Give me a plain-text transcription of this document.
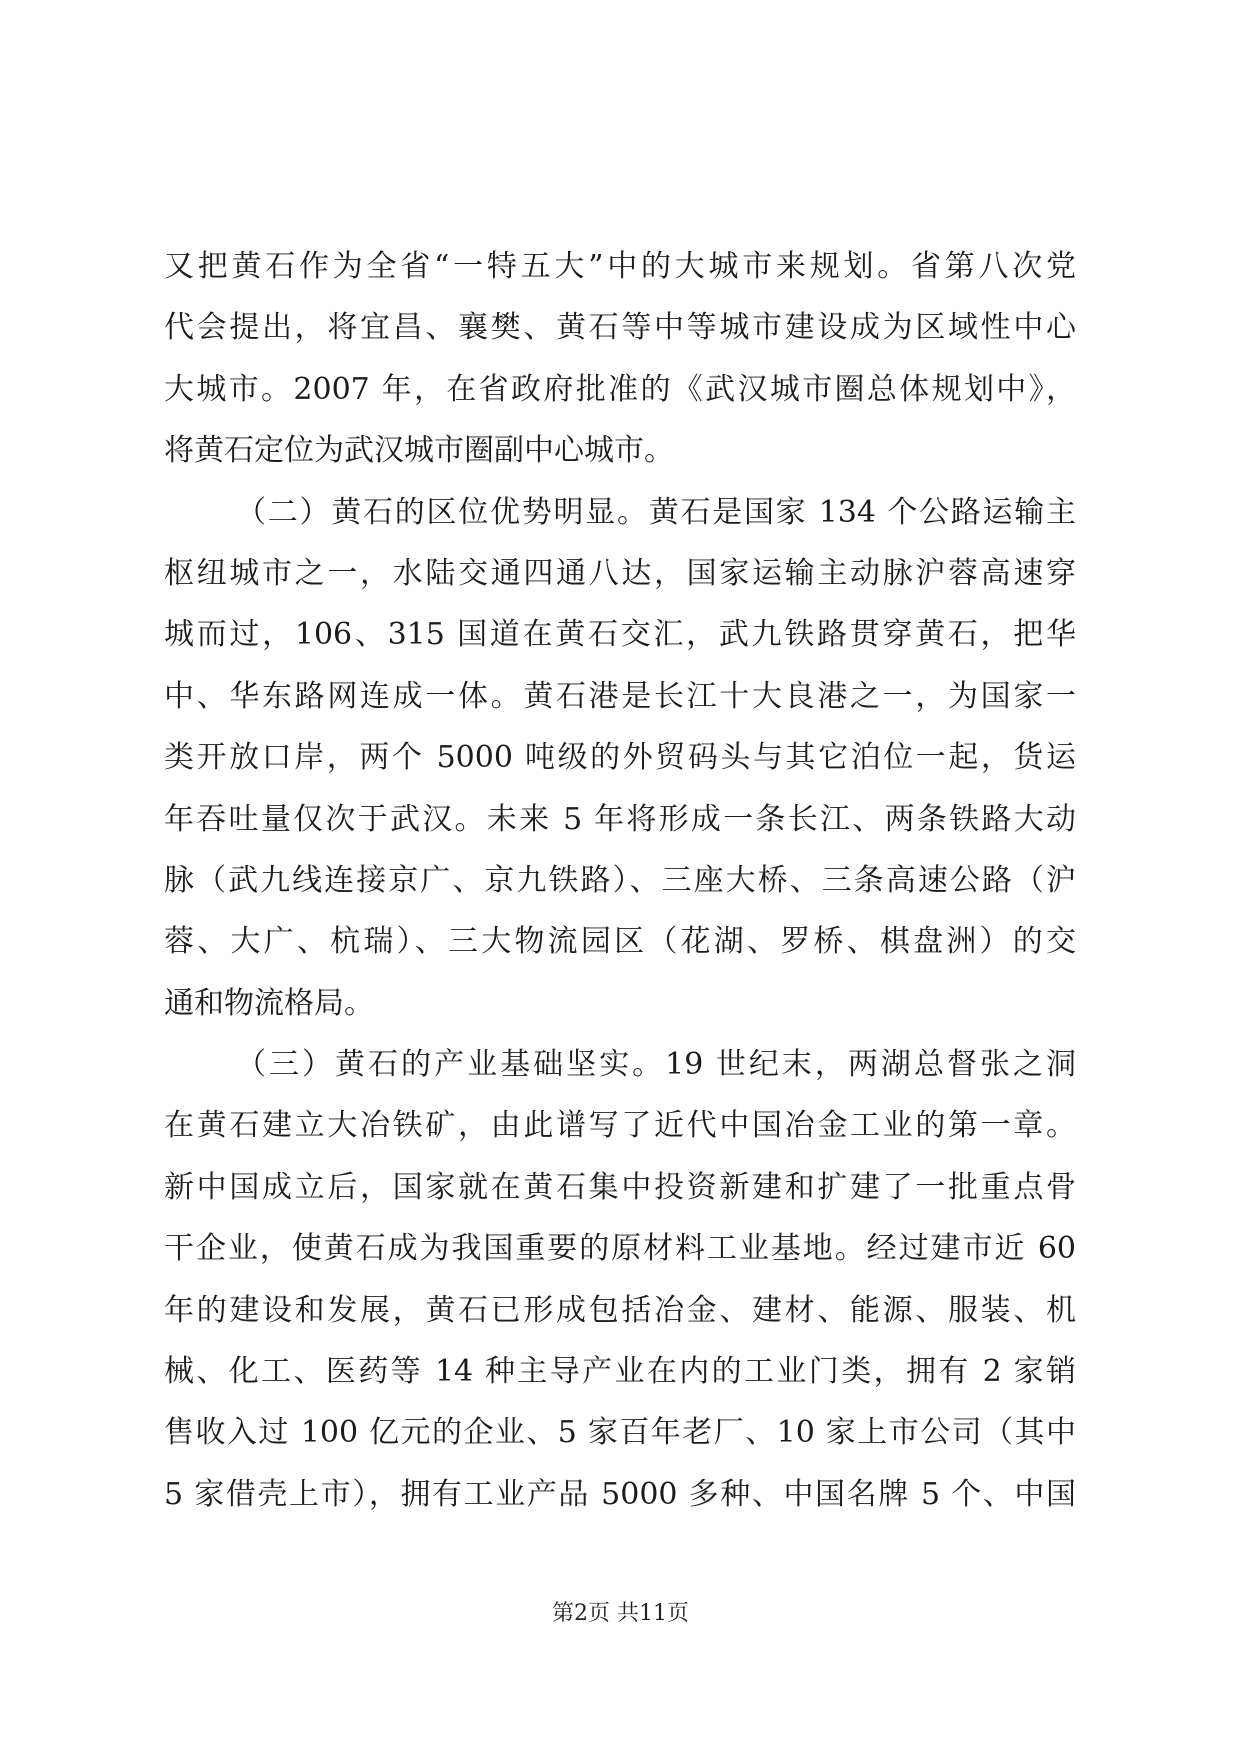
又把黄石作为全省“一特五大”中的大城市来规划。省第八次党
代会提出，将宜昌、襄樊、黄石等中等城市建设成为区域性中心
大城市。2007 年，在省政府批准的《武汉城市圈总体规划中》，
将黄石定位为武汉城市圈副中心城市。
（二）黄石的区位优势明显。黄石是国家 134 个公路运输主
枢纽城市之一，水陆交通四通八达，国家运输主动脉沪蓉高速穿
城而过，106、315 国道在黄石交汇，武九铁路贯穿黄石，把华
中、华东路网连成一体。黄石港是长江十大良港之一，为国家一
类开放口岸，两个 5000 吨级的外贸码头与其它泊位一起，货运
年吞吐量仅次于武汉。未来 5 年将形成一条长江、两条铁路大动
脉（武九线连接京广、京九铁路）、三座大桥、三条高速公路（沪
蓉、大广、杭瑞）、三大物流园区（花湖、罗桥、棋盘洲）的交
通和物流格局。
（三）黄石的产业基础坚实。19 世纪末，两湖总督张之洞
在黄石建立大冶铁矿，由此谱写了近代中国冶金工业的第一章。
新中国成立后，国家就在黄石集中投资新建和扩建了一批重点骨
干企业，使黄石成为我国重要的原材料工业基地。经过建市近 60
年的建设和发展，黄石已形成包括冶金、建材、能源、服装、机
械、化工、医药等 14 种主导产业在内的工业门类，拥有 2 家销
售收入过 100 亿元的企业、5 家百年老厂、10 家上市公司（其中
5 家借壳上市），拥有工业产品 5000 多种、中国名牌 5 个、中国
第2页 共11页
